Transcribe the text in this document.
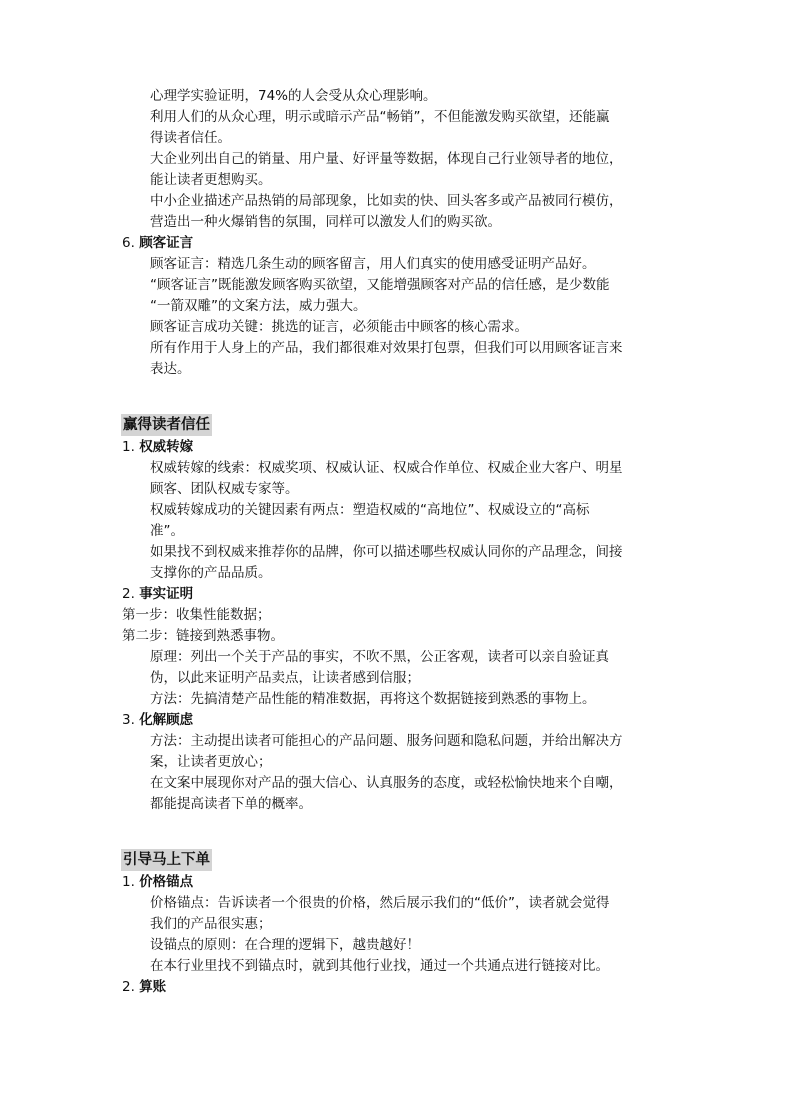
心理学实验证明，74%的人会受从众心理影响。
利用人们的从众心理，明示或暗示产品“畅销”，不但能激发购买欲望，还能赢
得读者信任。
大企业列出自己的销量、用户量、好评量等数据，体现自己行业领导者的地位，
能让读者更想购买。
中小企业描述产品热销的局部现象，比如卖的快、回头客多或产品被同行模仿，
营造出一种火爆销售的氛围，同样可以激发人们的购买欲。
6. 顾客证言
顾客证言：精选几条生动的顾客留言，用人们真实的使用感受证明产品好。
“顾客证言”既能激发顾客购买欲望，又能增强顾客对产品的信任感，是少数能
“一箭双雕”的文案方法，威力强大。
顾客证言成功关键：挑选的证言，必须能击中顾客的核心需求。
所有作用于人身上的产品，我们都很难对效果打包票，但我们可以用顾客证言来
表达。
赢得读者信任
1. 权威转嫁
权威转嫁的线索：权威奖项、权威认证、权威合作单位、权威企业大客户、明星
顾客、团队权威专家等。
权威转嫁成功的关键因素有两点：塑造权威的“高地位”、权威设立的“高标
准”。
如果找不到权威来推荐你的品牌，你可以描述哪些权威认同你的产品理念，间接
支撑你的产品品质。
2. 事实证明
第一步：收集性能数据；
第二步：链接到熟悉事物。
原理：列出一个关于产品的事实，不吹不黑，公正客观，读者可以亲自验证真
伪，以此来证明产品卖点，让读者感到信服；
方法：先搞清楚产品性能的精准数据，再将这个数据链接到熟悉的事物上。
3. 化解顾虑
方法：主动提出读者可能担心的产品问题、服务问题和隐私问题，并给出解决方
案，让读者更放心；
在文案中展现你对产品的强大信心、认真服务的态度，或轻松愉快地来个自嘲，
都能提高读者下单的概率。
引导马上下单
1. 价格锚点
价格锚点：告诉读者一个很贵的价格，然后展示我们的“低价”，读者就会觉得
我们的产品很实惠；
设锚点的原则：在合理的逻辑下，越贵越好！
在本行业里找不到锚点时，就到其他行业找，通过一个共通点进行链接对比。
2. 算账
